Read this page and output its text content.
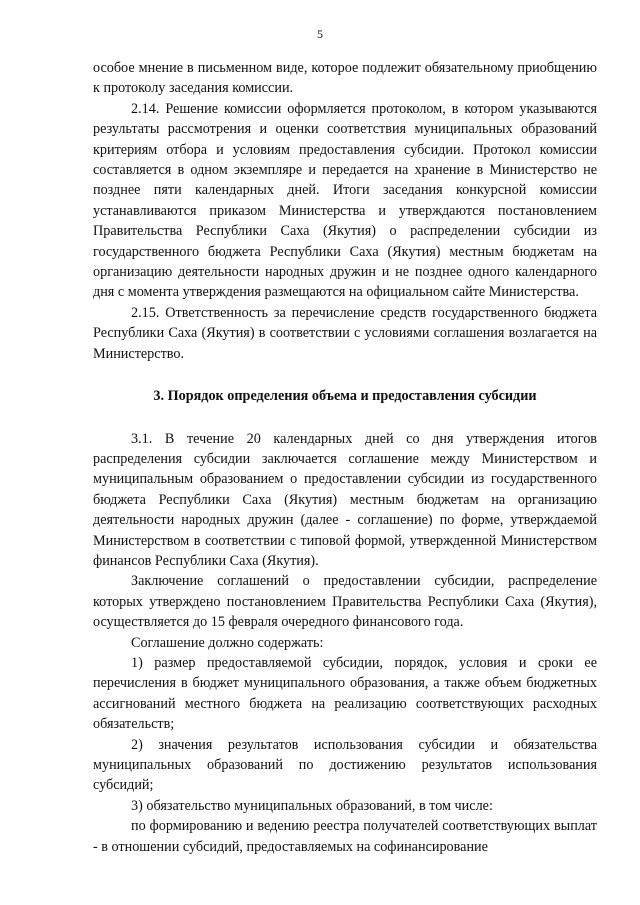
5

особое мнение в письменном виде, которое подлежит обязательному приобщению к протоколу заседания комиссии.

2.14. Решение комиссии оформляется протоколом, в котором указываются результаты рассмотрения и оценки соответствия муниципальных образований критериям отбора и условиям предоставления субсидии. Протокол комиссии составляется в одном экземпляре и передается на хранение в Министерство не позднее пяти календарных дней. Итоги заседания конкурсной комиссии устанавливаются приказом Министерства и утверждаются постановлением Правительства Республики Саха (Якутия) о распределении субсидии из государственного бюджета Республики Саха (Якутия) местным бюджетам на организацию деятельности народных дружин и не позднее одного календарного дня с момента утверждения размещаются на официальном сайте Министерства.

2.15. Ответственность за перечисление средств государственного бюджета Республики Саха (Якутия) в соответствии с условиями соглашения возлагается на Министерство.

3. Порядок определения объема и предоставления субсидии

3.1. В течение 20 календарных дней со дня утверждения итогов распределения субсидии заключается соглашение между Министерством и муниципальным образованием о предоставлении субсидии из государственного бюджета Республики Саха (Якутия) местным бюджетам на организацию деятельности народных дружин (далее - соглашение) по форме, утверждаемой Министерством в соответствии с типовой формой, утвержденной Министерством финансов Республики Саха (Якутия).

Заключение соглашений о предоставлении субсидии, распределение которых утверждено постановлением Правительства Республики Саха (Якутия), осуществляется до 15 февраля очередного финансового года.

Соглашение должно содержать:

1) размер предоставляемой субсидии, порядок, условия и сроки ее перечисления в бюджет муниципального образования, а также объем бюджетных ассигнований местного бюджета на реализацию соответствующих расходных обязательств;

2) значения результатов использования субсидии и обязательства муниципальных образований по достижению результатов использования субсидий;

3) обязательство муниципальных образований, в том числе:

по формированию и ведению реестра получателей соответствующих выплат - в отношении субсидий, предоставляемых на софинансирование
